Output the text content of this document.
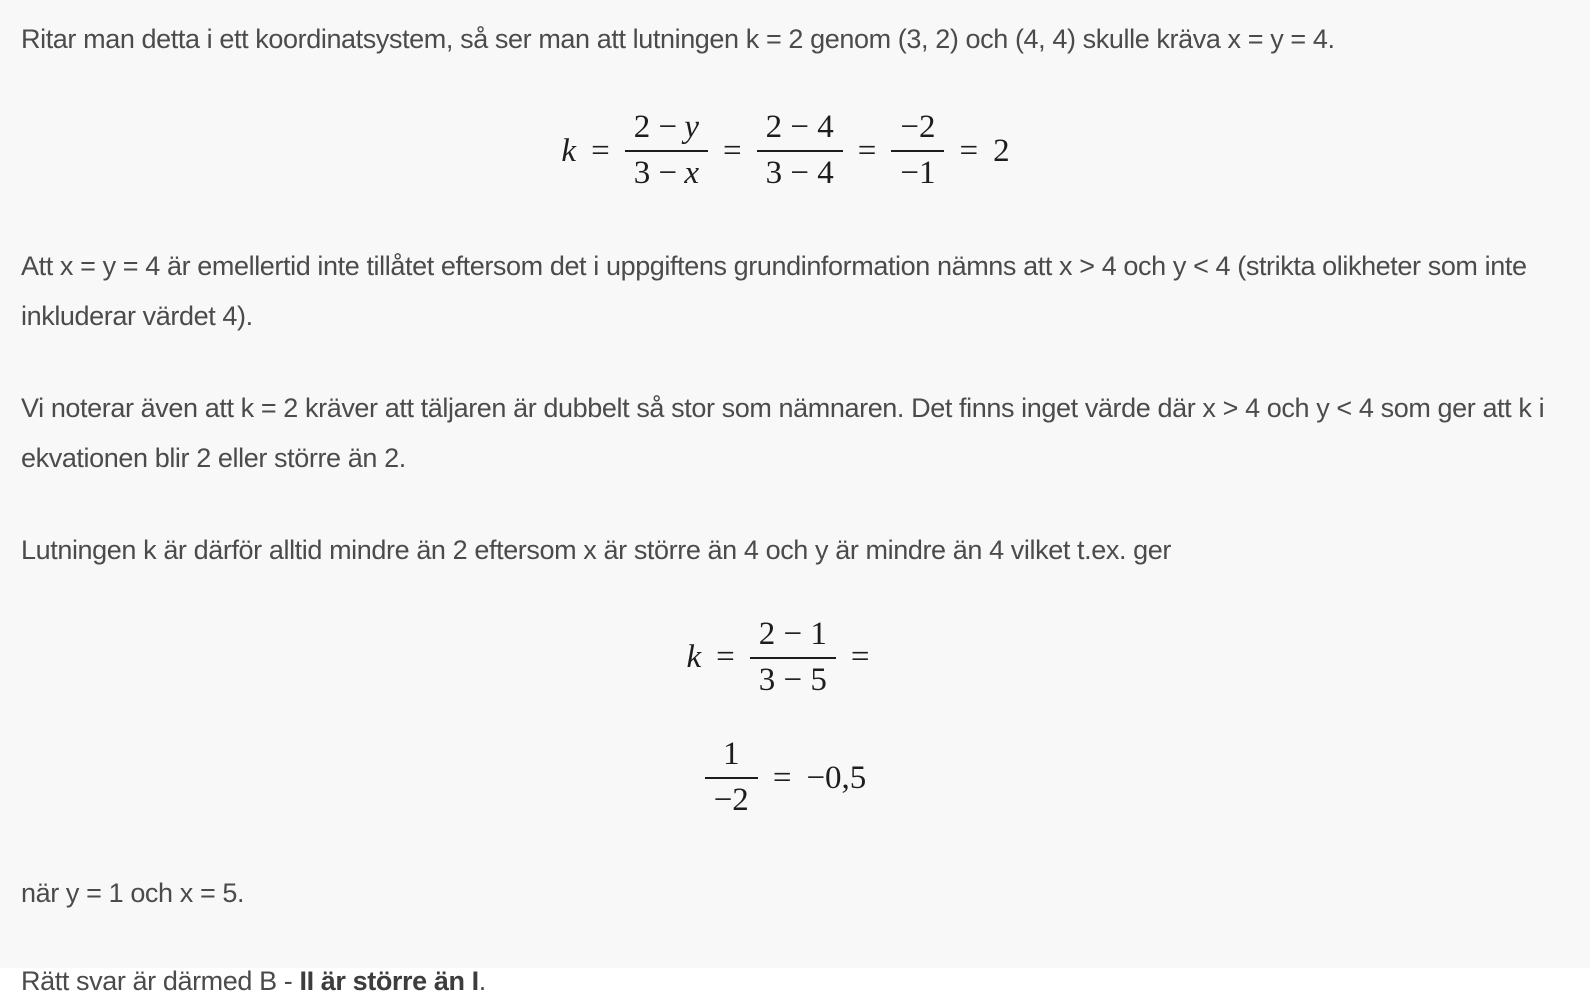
Ritar man detta i ett koordinatsystem, så ser man att lutningen k = 2 genom (3, 2) och (4, 4) skulle kräva x = y = 4.

$k = \frac{2 - y}{3 - x} = \frac{2 - 4}{3 - 4} = \frac{-2}{-1} = 2$

Att x = y = 4 är emellertid inte tillåtet eftersom det i uppgiftens grundinformation nämns att x > 4 och y < 4 (strikta olikheter som inte inkluderar värdet 4).

Vi noterar även att k = 2 kräver att täljaren är dubbelt så stor som nämnaren. Det finns inget värde där x > 4 och y < 4 som ger att k i ekvationen blir 2 eller större än 2.

Lutningen k är därför alltid mindre än 2 eftersom x är större än 4 och y är mindre än 4 vilket t.ex. ger

$k = \frac{2 - 1}{3 - 5}$ =
$\frac{1}{-2} = -0,5$

när y = 1 och x = 5.

Rätt svar är därmed B - II är större än I.
